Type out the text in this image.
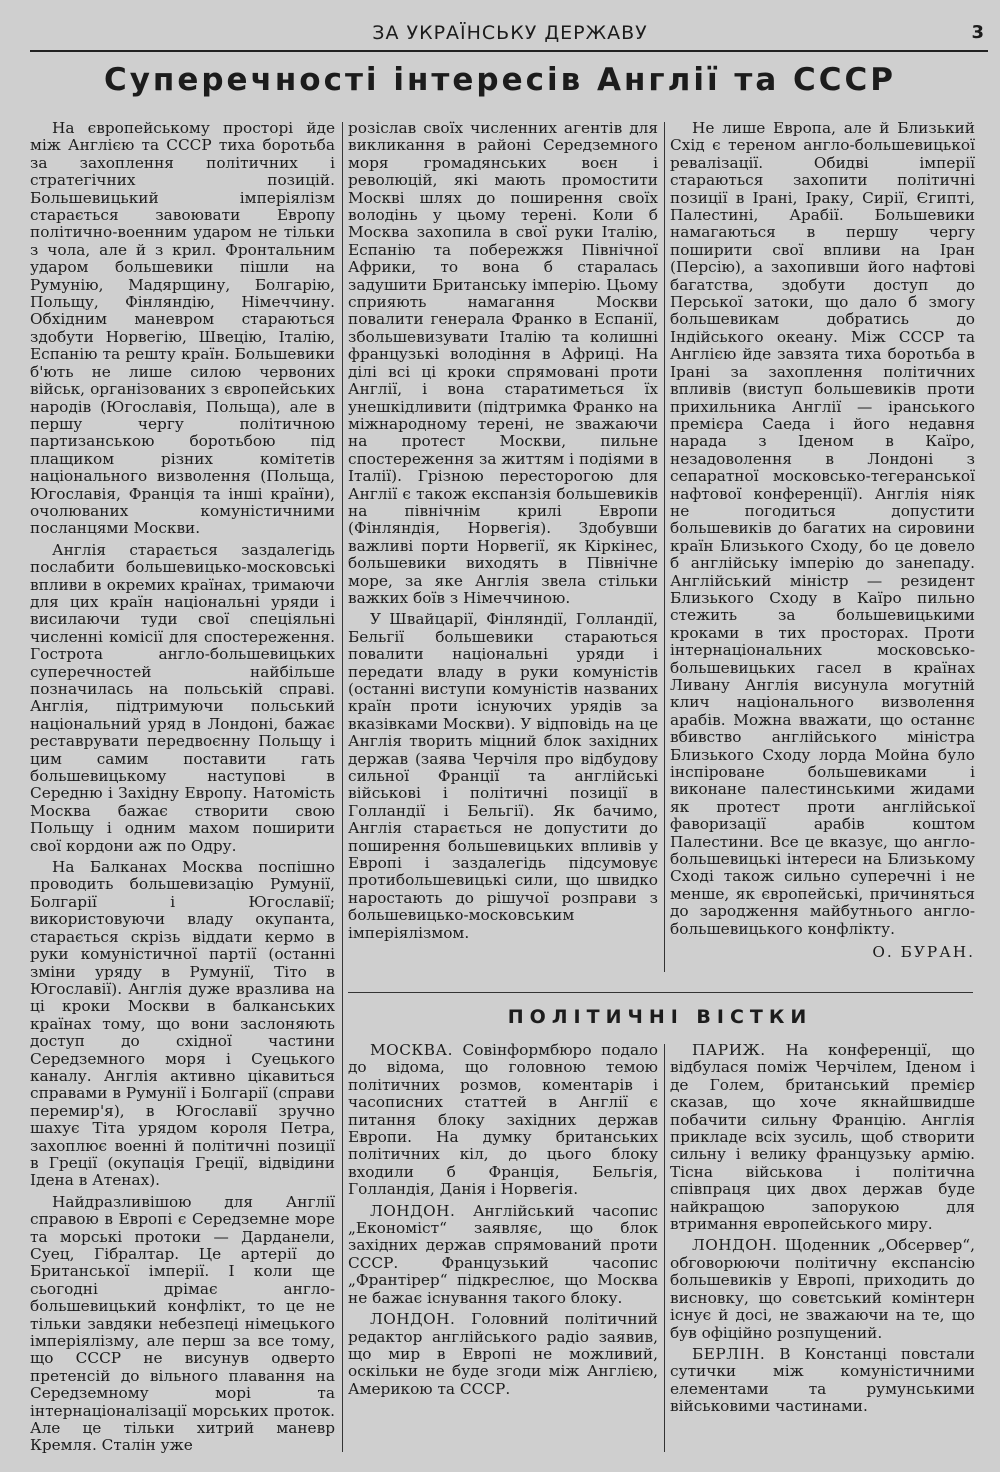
ЗА УКРАЇНСЬКУ ДЕРЖАВУ	3
Суперечності інтересів Англії та СССР

На європейському просторі йде між Англією та СССР тиха боротьба за захоплення політичних і стратегічних позицій. Большевицький імперіялізм старається завоювати Европу політично-военним ударом не тільки з чола, але й з крил. Фронтальним ударом большевики пішли на Румунію, Мадярщину, Болгарію, Польщу, Фінляндію, Німеччину. Обхідним маневром стараються здобути Норвегію, Швецію, Італію, Еспанію та решту країн. Большевики б'ють не лише силою червоних військ, організованих з європейських народів (Югославія, Польща), але в першу чергу політичною партизанською боротьбою під плащиком різних комітетів національного визволення (Польща, Югославія, Франція та інші країни), очолюваних комуністичними посланцями Москви.

Англія старається заздалегідь послабити большевицько-московські впливи в окремих країнах, тримаючи для цих країн національні уряди і висилаючи туди свої спеціяльні численні комісії для спостереження. Гострота англо-большевицьких суперечностей найбільше позначилась на польській справі. Англія, підтримуючи польський національний уряд в Лондоні, бажає реставрувати передвоєнну Польщу і цим самим поставити гать большевицькому наступові в Середню і Західну Европу. Натомість Москва бажає створити свою Польщу і одним махом поширити свої кордони аж по Одру.

На Балканах Москва поспішно проводить большевизацію Румунії, Болгарії і Югославії; використовуючи владу окупанта, старається скрізь віддати кермо в руки комуністичної партії (останні зміни уряду в Румунії, Тіто в Югославії). Англія дуже вразлива на ці кроки Москви в балканських країнах тому, що вони заслоняють доступ до східної частини Середземного моря і Суецького каналу. Англія активно цікавиться справами в Румунії і Болгарії (справи перемир'я), в Югославії зручно шахує Тіта урядом короля Петра, захоплює военні й політичні позиції в Греції (окупація Греції, відвідини Ідена в Атенах).

Найдразливішою для Англії справою в Европі є Середземне море та морські протоки — Дарданели, Суец, Гібралтар. Це артерії до Британської імперії. І коли ще сьогодні дрімає англо-большевицький конфлікт, то це не тільки завдяки небезпеці німецького імперіялізму, але перш за все тому, що СССР не висунув одверто претенсій до вільного плавання на Середземному морі та інтернаціоналізації морських проток. Але це тільки хитрий маневр Кремля. Сталін уже

розіслав своїх численних агентів для викликання в районі Середземного моря громадянських воєн і революцій, які мають промостити Москві шлях до поширення своїх володінь у цьому терені. Коли б Москва захопила в свої руки Італію, Еспанію та побережжя Північної Африки, то вона б старалась задушити Британську імперію. Цьому сприяють намагання Москви повалити генерала Франко в Еспанії, збольшевизувати Італію та колишні французькі володіння в Африці. На ділі всі ці кроки спрямовані проти Англії, і вона старатиметься їх унешкідливити (підтримка Франко на міжнародному терені, не зважаючи на протест Москви, пильне спостереження за життям і подіями в Італії). Грізною пересторогою для Англії є також експанзія большевиків на північнім крилі Европи (Фінляндія, Норвегія). Здобувши важливі порти Норвегії, як Кіркінес, большевики виходять в Північне море, за яке Англія звела стільки важких боїв з Німеччиною.

У Швайцарії, Фінляндії, Голландії, Бельгії большевики стараються повалити національні уряди і передати владу в руки комуністів (останні виступи комуністів названих країн проти існуючих урядів за вказівками Москви). У відповідь на це Англія творить міцний блок західних держав (заява Черчіля про відбудову сильної Франції та англійські військові і політичні позиції в Голландії і Бельгії). Як бачимо, Англія старається не допустити до поширення большевицьких впливів у Европі і заздалегідь підсумовує протибольшевицькі сили, що швидко наростають до рішучої розправи з большевицько-московським імперіялізмом.

Не лише Европа, але й Близький Схід є тереном англо-большевицької ревалізації. Обидві імперії стараються захопити політичні позиції в Ірані, Іраку, Сирії, Єгипті, Палестині, Арабії. Большевики намагаються в першу чергу поширити свої впливи на Іран (Персію), а захопивши його нафтові багатства, здобути доступ до Перської затоки, що дало б змогу большевикам добратись до Індійського океану. Між СССР та Англією йде завзята тиха боротьба в Ірані за захоплення політичних впливів (виступ большевиків проти прихильника Англії — іранського премієра Саеда і його недавня нарада з Іденом в Каїро, незадоволення в Лондоні з сепаратної московсько-тегеранської нафтової конференції). Англія ніяк не погодиться допустити большевиків до багатих на сировини країн Близького Сходу, бо це довело б англійську імперію до занепаду. Англійський міністр — резидент Близького Сходу в Каїро пильно стежить за большевицькими кроками в тих просторах. Проти інтернаціональних московсько-большевицьких гасел в країнах Ливану Англія висунула могутній клич національного визволення арабів. Можна вважати, що останнє вбивство англійського міністра Близького Сходу лорда Мойна було інспіроване большевиками і виконане палестинськими жидами як протест проти англійської фаворизації арабів коштом Палестини. Все це вказує, що англо-большевицькі інтереси на Близькому Сході також сильно суперечні і не менше, як європейські, причиняться до зародження майбутнього англо-большевицького конфлікту.

О. БУРАН.
ПОЛІТИЧНІ ВІСТКИ

МОСКВА. Совінформбюро подало до відома, що головною темою політичних розмов, коментарів і часописних статтей в Англії є питання блоку західних держав Европи. На думку британських політичних кіл, до цього блоку входили б Франція, Бельгія, Голландія, Данія і Норвегія.

ЛОНДОН. Англійський часопис „Економіст“ заявляє, що блок західних держав спрямований проти СССР. Французький часопис „Франтірер“ підкреслює, що Москва не бажає існування такого блоку.

ЛОНДОН. Головний політичний редактор англійського радіо заявив, що мир в Европі не можливий, оскільки не буде згоди між Англією, Америкою та СССР.

ПАРИЖ. На конференції, що відбулася поміж Черчілем, Іденом і де Голем, британський премієр сказав, що хоче якнайшвидше побачити сильну Францію. Англія прикладе всіх зусиль, щоб створити сильну і велику французьку армію. Тісна військова і політична співпраця цих двох держав буде найкращою запорукою для втримання европейського миру.

ЛОНДОН. Щоденник „Обсервер“, обговорюючи політичну експансію большевиків у Европі, приходить до висновку, що совєтський комінтерн існує й досі, не зважаючи на те, що був офіційно розпущений.

БЕРЛІН. В Констанці повстали сутички між комуністичними елементами та румунськими військовими частинами.
